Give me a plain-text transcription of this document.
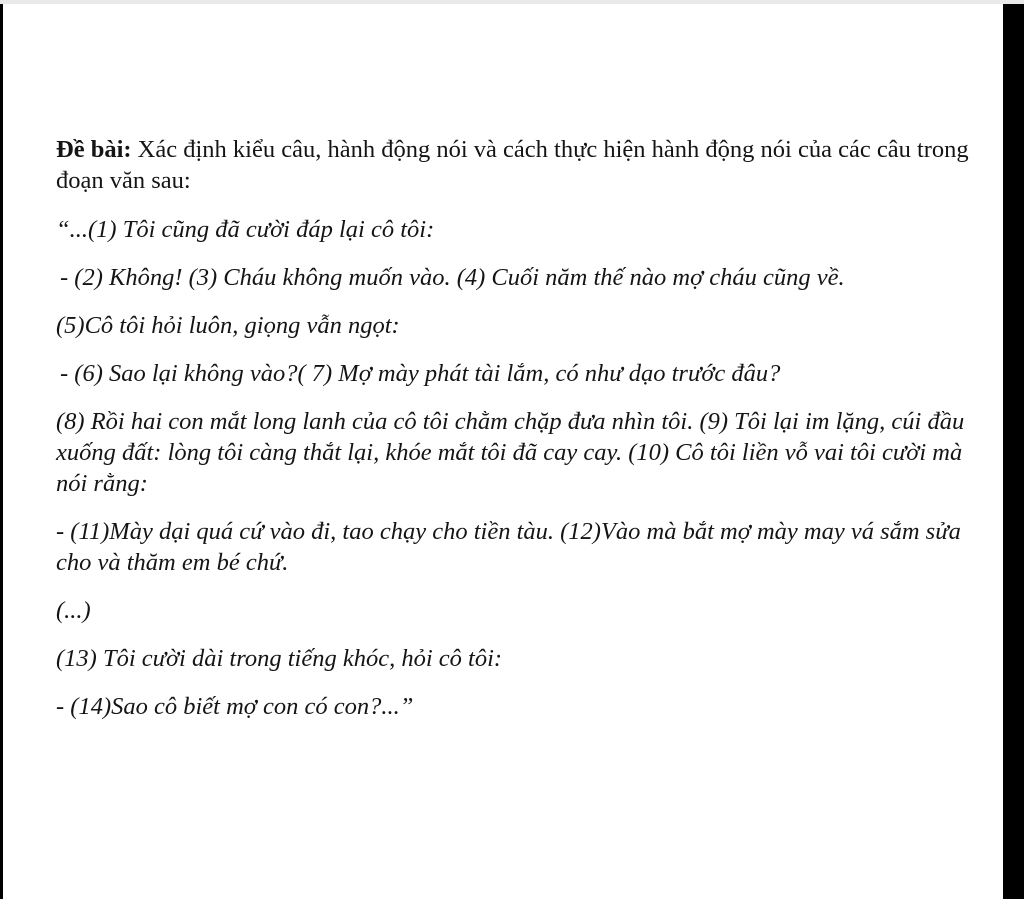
Đề bài: Xác định kiểu câu, hành động nói và cách thực hiện hành động nói của các câu trong đoạn văn sau:

“...(1) Tôi cũng đã cười đáp lại cô tôi:

- (2) Không! (3) Cháu không muốn vào. (4) Cuối năm thế nào mợ cháu cũng về.

(5)Cô tôi hỏi luôn, giọng vẫn ngọt:

- (6) Sao lại không vào?( 7) Mợ mày phát tài lắm, có như dạo trước đâu?

(8) Rồi hai con mắt long lanh của cô tôi chằm chặp đưa nhìn tôi. (9) Tôi lại im lặng, cúi đầu xuống đất: lòng tôi càng thắt lại, khóe mắt tôi đã cay cay. (10) Cô tôi liền vỗ vai tôi cười mà nói rằng:

- (11)Mày dại quá cứ vào đi, tao chạy cho tiền tàu. (12)Vào mà bắt mợ mày may vá sắm sửa cho và thăm em bé chứ.

(...)

(13) Tôi cười dài trong tiếng khóc, hỏi cô tôi:

- (14)Sao cô biết mợ con có con?...”
